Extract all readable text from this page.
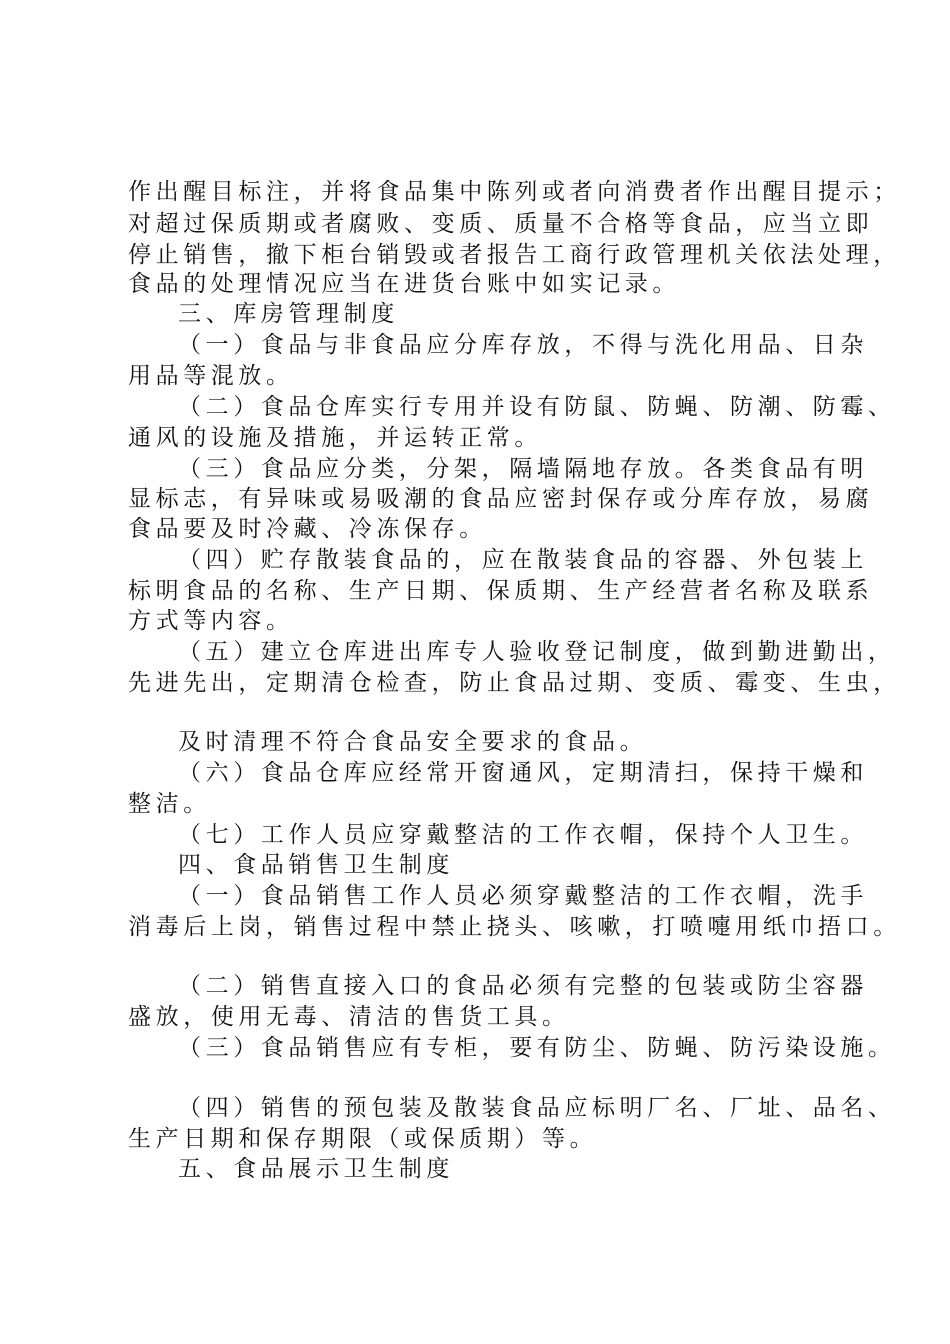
作出醒目标注，并将食品集中陈列或者向消费者作出醒目提示；
对超过保质期或者腐败、变质、质量不合格等食品，应当立即
停止销售，撤下柜台销毁或者报告工商行政管理机关依法处理，
食品的处理情况应当在进货台账中如实记录。
三、库房管理制度
（一）食品与非食品应分库存放，不得与洗化用品、日杂
用品等混放。
（二）食品仓库实行专用并设有防鼠、防蝇、防潮、防霉、
通风的设施及措施，并运转正常。
（三）食品应分类，分架，隔墙隔地存放。各类食品有明
显标志，有异味或易吸潮的食品应密封保存或分库存放，易腐
食品要及时冷藏、冷冻保存。
（四）贮存散装食品的，应在散装食品的容器、外包装上
标明食品的名称、生产日期、保质期、生产经营者名称及联系
方式等内容。
（五）建立仓库进出库专人验收登记制度，做到勤进勤出，
先进先出，定期清仓检查，防止食品过期、变质、霉变、生虫，
及时清理不符合食品安全要求的食品。
（六）食品仓库应经常开窗通风，定期清扫，保持干燥和
整洁。
（七）工作人员应穿戴整洁的工作衣帽，保持个人卫生。
四、食品销售卫生制度
（一）食品销售工作人员必须穿戴整洁的工作衣帽，洗手
消毒后上岗，销售过程中禁止挠头、咳嗽，打喷嚏用纸巾捂口。
（二）销售直接入口的食品必须有完整的包装或防尘容器
盛放，使用无毒、清洁的售货工具。
（三）食品销售应有专柜，要有防尘、防蝇、防污染设施。
（四）销售的预包装及散装食品应标明厂名、厂址、品名、
生产日期和保存期限（或保质期）等。
五、食品展示卫生制度
